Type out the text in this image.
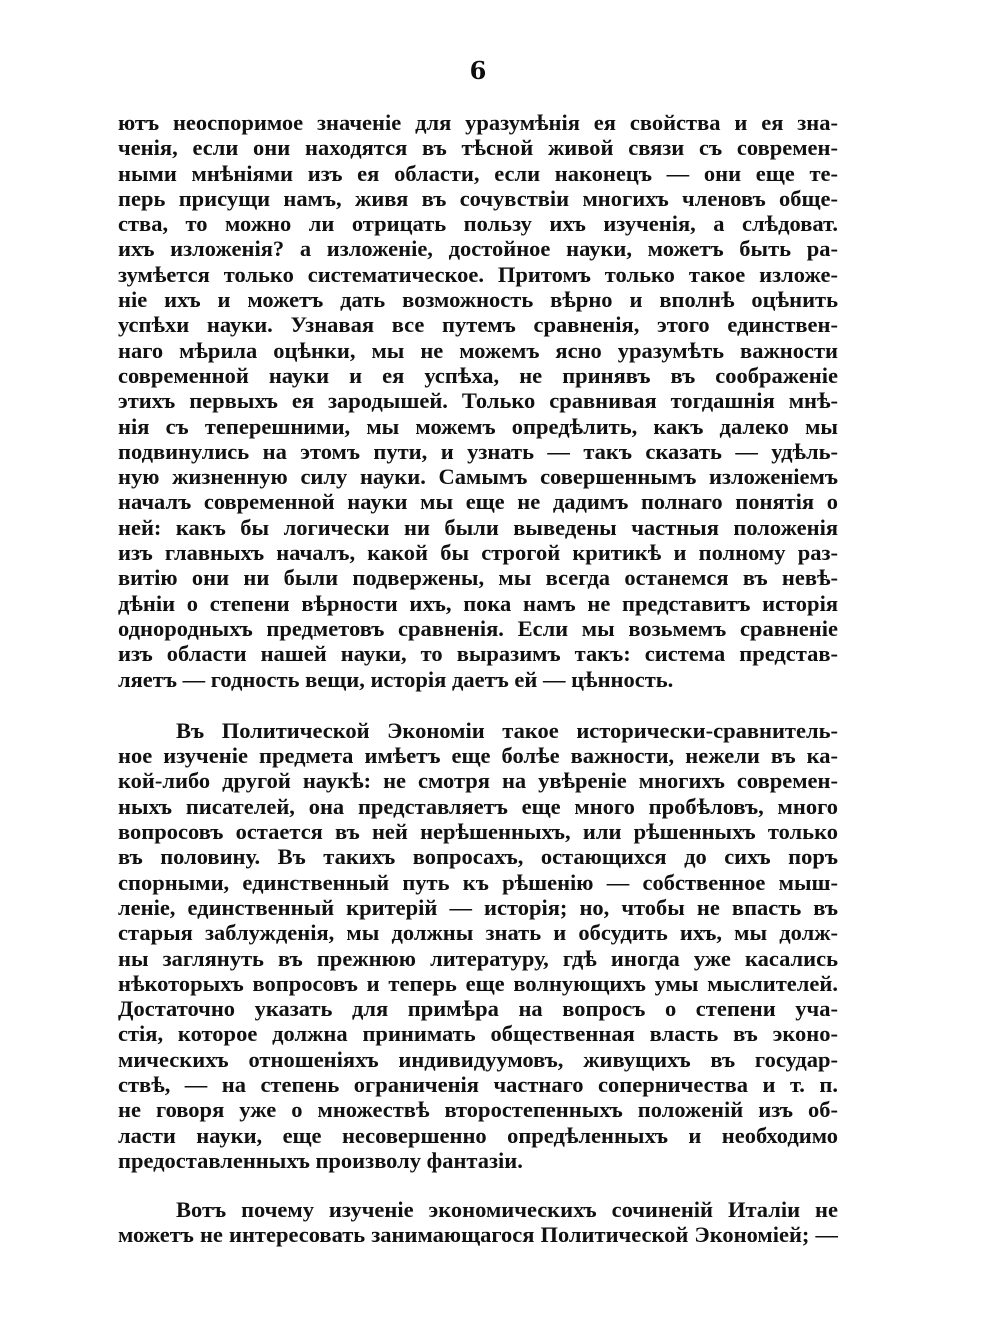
6
ютъ неоспоримое значеніе для уразумѣнія ея свойства и ея зна-
ченія, если они находятся въ тѣсной живой связи съ современ-
ными мнѣніями изъ ея области, если наконецъ — они еще те-
перь присущи намъ, живя въ сочувствіи многихъ членовъ обще-
ства, то можно ли отрицать пользу ихъ изученія, а слѣдоват.
ихъ изложенія? а изложеніе, достойное науки, можетъ быть ра-
зумѣется только систематическое. Притомъ только такое изложе-
ніе ихъ и можетъ дать возможность вѣрно и вполнѣ оцѣнить
успѣхи науки. Узнавая все путемъ сравненія, этого единствен-
наго мѣрила оцѣнки, мы не можемъ ясно уразумѣть важности
современной науки и ея успѣха, не принявъ въ соображеніе
этихъ первыхъ ея зародышей. Только сравнивая тогдашнія мнѣ-
нія съ теперешними, мы можемъ опредѣлить, какъ далеко мы
подвинулись на этомъ пути, и узнать — такъ сказать — удѣль-
ную жизненную силу науки. Самымъ совершеннымъ изложеніемъ
началъ современной науки мы еще не дадимъ полнаго понятія о
ней: какъ бы логически ни были выведены частныя положенія
изъ главныхъ началъ, какой бы строгой критикѣ и полному раз-
витію они ни были подвержены, мы всегда останемся въ невѣ-
дѣніи о степени вѣрности ихъ, пока намъ не представитъ исторія
однородныхъ предметовъ сравненія. Если мы возьмемъ сравненіе
изъ области нашей науки, то выразимъ такъ: система представ-
ляетъ — годность вещи, исторія даетъ ей — цѣнность.
Въ Политической Экономіи такое исторически-сравнитель-
ное изученіе предмета имѣетъ еще болѣе важности, нежели въ ка-
кой-либо другой наукѣ: не смотря на увѣреніе многихъ современ-
ныхъ писателей, она представляетъ еще много пробѣловъ, много
вопросовъ остается въ ней нерѣшенныхъ, или рѣшенныхъ только
въ половину. Въ такихъ вопросахъ, остающихся до сихъ поръ
спорными, единственный путь къ рѣшенію — собственное мыш-
леніе, единственный критерій — исторія; но, чтобы не впасть въ
старыя заблужденія, мы должны знать и обсудить ихъ, мы долж-
ны заглянуть въ прежнюю литературу, гдѣ иногда уже касались
нѣкоторыхъ вопросовъ и теперь еще волнующихъ умы мыслителей.
Достаточно указать для примѣра на вопросъ о степени уча-
стія, которое должна принимать общественная власть въ эконо-
мическихъ отношеніяхъ индивидуумовъ, живущихъ въ государ-
ствѣ, — на степень ограниченія частнаго соперничества и т. п.
не говоря уже о множествѣ второстепенныхъ положеній изъ об-
ласти науки, еще несовершенно опредѣленныхъ и необходимо
предоставленныхъ произволу фантазіи.
Вотъ почему изученіе экономическихъ сочиненій Италіи не
можетъ не интересовать занимающагося Политической Экономіей; —
